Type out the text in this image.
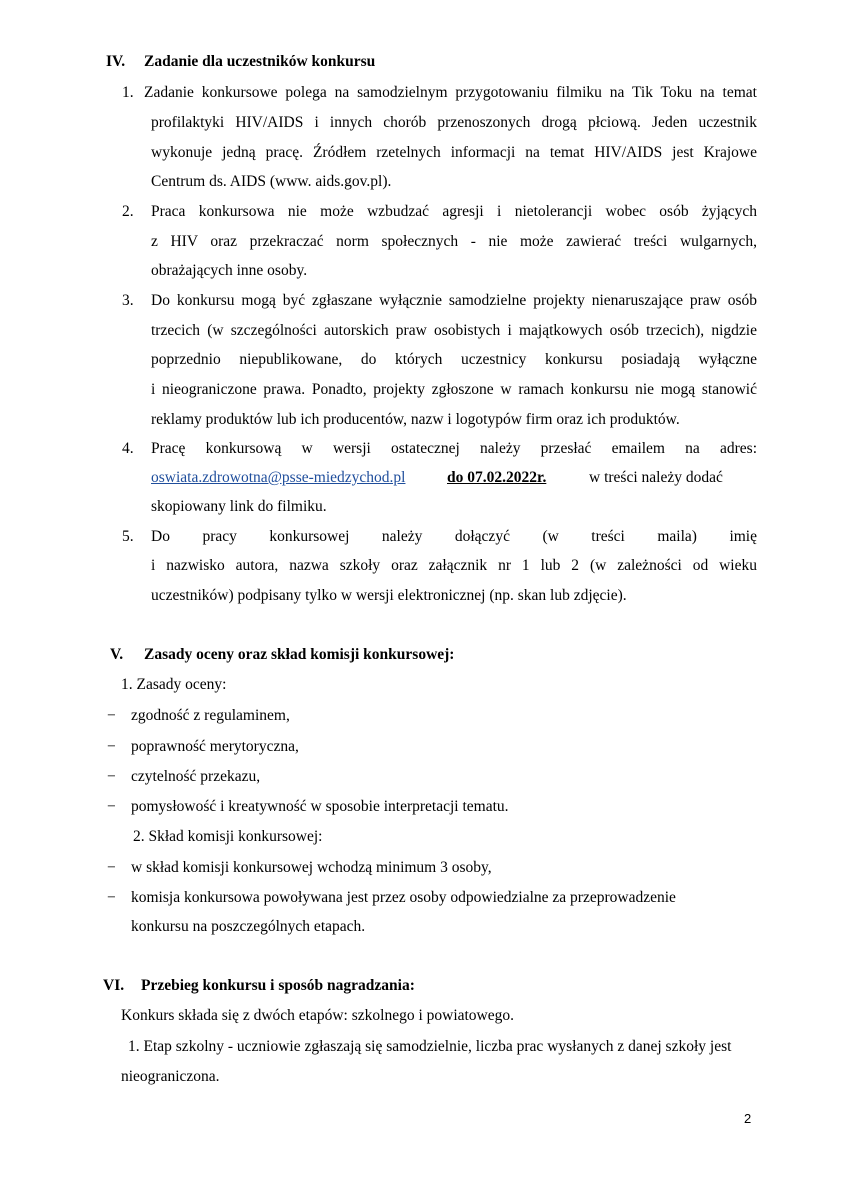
IV. Zadanie dla uczestników konkursu
1. Zadanie konkursowe polega na samodzielnym przygotowaniu filmiku na Tik Toku na temat
profilaktyki HIV/AIDS i innych chorób przenoszonych drogą płciową. Jeden uczestnik
wykonuje jedną pracę. Źródłem rzetelnych informacji na temat HIV/AIDS jest Krajowe
Centrum ds. AIDS (www. aids.gov.pl).
2. Praca konkursowa nie może wzbudzać agresji i nietolerancji wobec osób żyjących
z HIV oraz przekraczać norm społecznych - nie może zawierać treści wulgarnych,
obrażających inne osoby.
3. Do konkursu mogą być zgłaszane wyłącznie samodzielne projekty nienaruszające praw osób
trzecich (w szczególności autorskich praw osobistych i majątkowych osób trzecich), nigdzie
poprzednio niepublikowane, do których uczestnicy konkursu posiadają wyłączne
i nieograniczone prawa. Ponadto, projekty zgłoszone w ramach konkursu nie mogą stanowić
reklamy produktów lub ich producentów, nazw i logotypów firm oraz ich produktów.
4. Pracę konkursową w wersji ostatecznej należy przesłać emailem na adres:
oswiata.zdrowotna@psse-miedzychod.pl	do 07.02.2022r.	w treści należy dodać
skopiowany link do filmiku.
5. Do pracy konkursowej należy dołączyć (w treści maila) imię
i nazwisko autora, nazwa szkoły oraz załącznik nr 1 lub 2 (w zależności od wieku
uczestników) podpisany tylko w wersji elektronicznej (np. skan lub zdjęcie).
V. Zasady oceny oraz skład komisji konkursowej:
1. Zasady oceny:
− zgodność z regulaminem,
− poprawność merytoryczna,
− czytelność przekazu,
− pomysłowość i kreatywność w sposobie interpretacji tematu.
2. Skład komisji konkursowej:
− w skład komisji konkursowej wchodzą minimum 3 osoby,
− komisja konkursowa powoływana jest przez osoby odpowiedzialne za przeprowadzenie
konkursu na poszczególnych etapach.
VI. Przebieg konkursu i sposób nagradzania:
Konkurs składa się z dwóch etapów: szkolnego i powiatowego.
1. Etap szkolny - uczniowie zgłaszają się samodzielnie, liczba prac wysłanych z danej szkoły jest
nieograniczona.
2
